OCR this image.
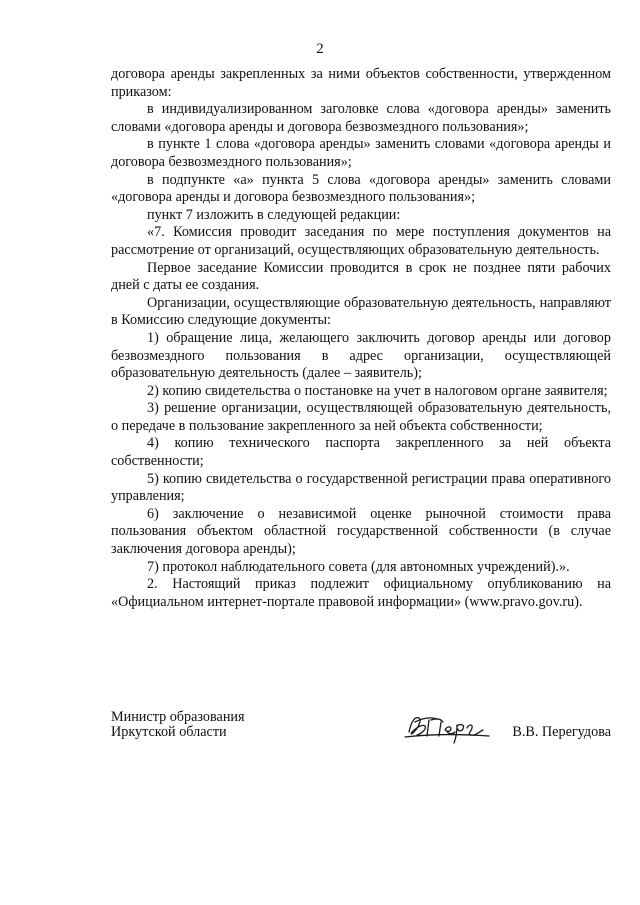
2

договора аренды закрепленных за ними объектов собственности, утвержденном приказом:

в индивидуализированном заголовке слова «договора аренды» заменить словами «договора аренды и договора безвозмездного пользования»;

в пункте 1 слова «договора аренды» заменить словами «договора аренды и договора безвозмездного пользования»;

в подпункте «а» пункта 5 слова «договора аренды» заменить словами «договора аренды и договора безвозмездного пользования»;

пункт 7 изложить в следующей редакции:

«7. Комиссия проводит заседания по мере поступления документов на рассмотрение от организаций, осуществляющих образовательную деятельность.

Первое заседание Комиссии проводится в срок не позднее пяти рабочих дней с даты ее создания.

Организации, осуществляющие образовательную деятельность, направляют в Комиссию следующие документы:

1) обращение лица, желающего заключить договор аренды или договор безвозмездного пользования в адрес организации, осуществляющей образовательную деятельность (далее – заявитель);

2) копию свидетельства о постановке на учет в налоговом органе заявителя;

3) решение организации, осуществляющей образовательную деятельность, о передаче в пользование закрепленного за ней объекта собственности;

4) копию технического паспорта закрепленного за ней объекта собственности;

5) копию свидетельства о государственной регистрации права оперативного управления;

6) заключение о независимой оценке рыночной стоимости права пользования объектом областной государственной собственности (в случае заключения договора аренды);

7) протокол наблюдательного совета (для автономных учреждений).».

2. Настоящий приказ подлежит официальному опубликованию на «Официальном интернет-портале правовой информации» (www.pravo.gov.ru).

Министр образования
Иркутской области	В.В. Перегудова
